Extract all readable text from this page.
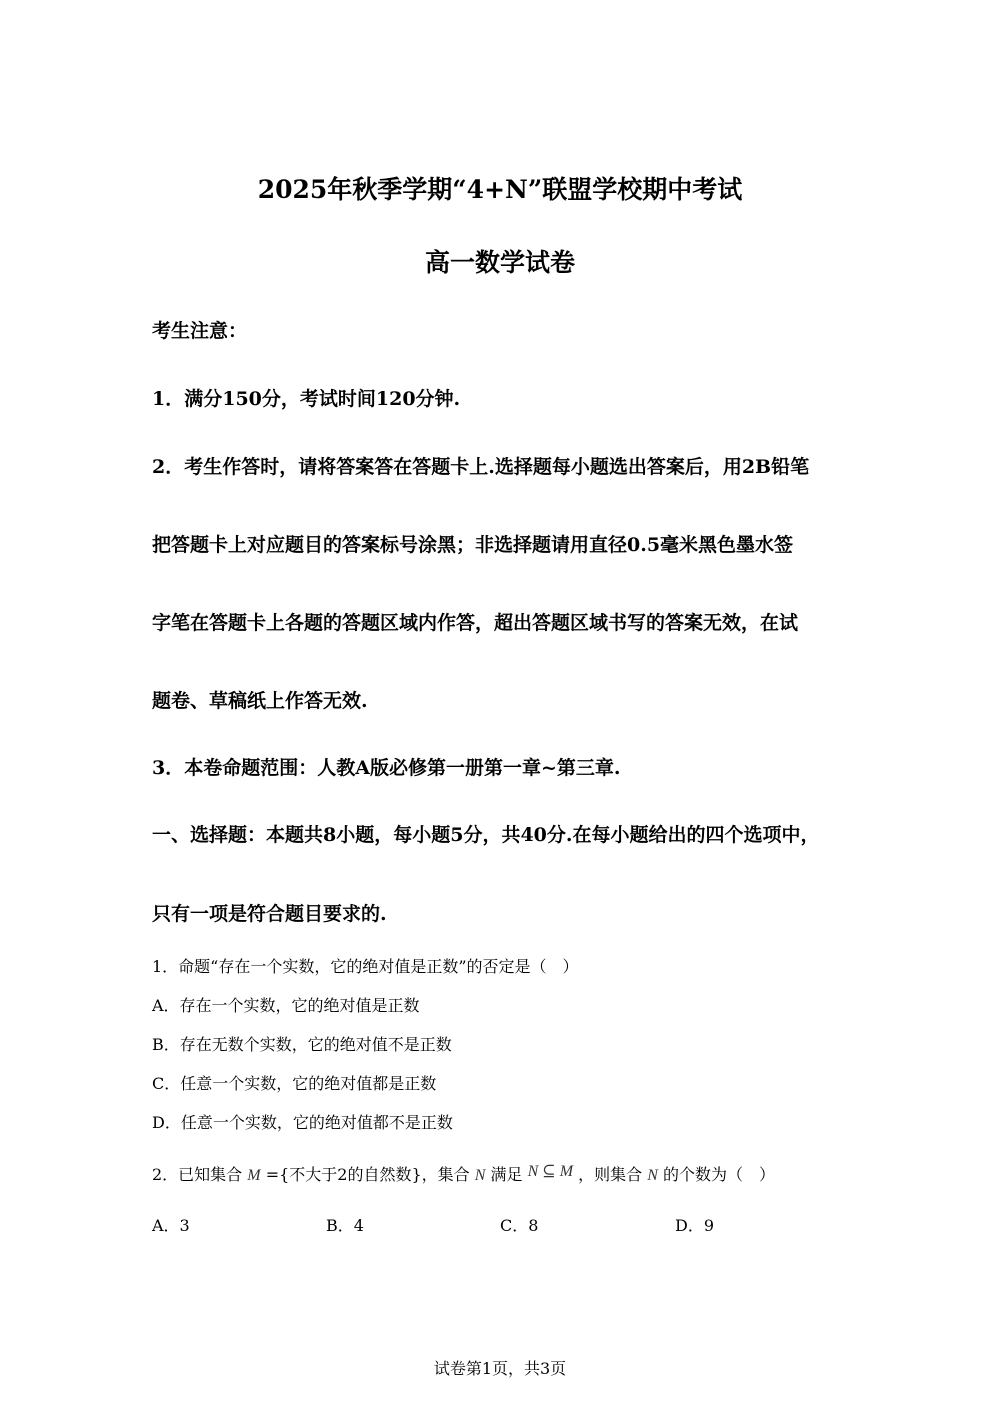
2025年秋季学期“4+N”联盟学校期中考试
高一数学试卷
考生注意：
1．满分150分，考试时间120分钟.
2．考生作答时，请将答案答在答题卡上.选择题每小题选出答案后，用2B铅笔
把答题卡上对应题目的答案标号涂黑；非选择题请用直径0.5毫米黑色墨水签
字笔在答题卡上各题的答题区域内作答，超出答题区域书写的答案无效，在试
题卷、草稿纸上作答无效.
3．本卷命题范围：人教A版必修第一册第一章~第三章.
一、选择题：本题共8小题，每小题5分，共40分.在每小题给出的四个选项中，
只有一项是符合题目要求的.
1．命题“存在一个实数，它的绝对值是正数”的否定是（　）
A．存在一个实数，它的绝对值是正数
B．存在无数个实数，它的绝对值不是正数
C．任意一个实数，它的绝对值都是正数
D．任意一个实数，它的绝对值都不是正数
2．已知集合 M ={不大于2的自然数}，集合 N 满足 N ⊆ M ，则集合 N 的个数为（　）
A．3	B．4	C．8	D．9
试卷第1页，共3页
